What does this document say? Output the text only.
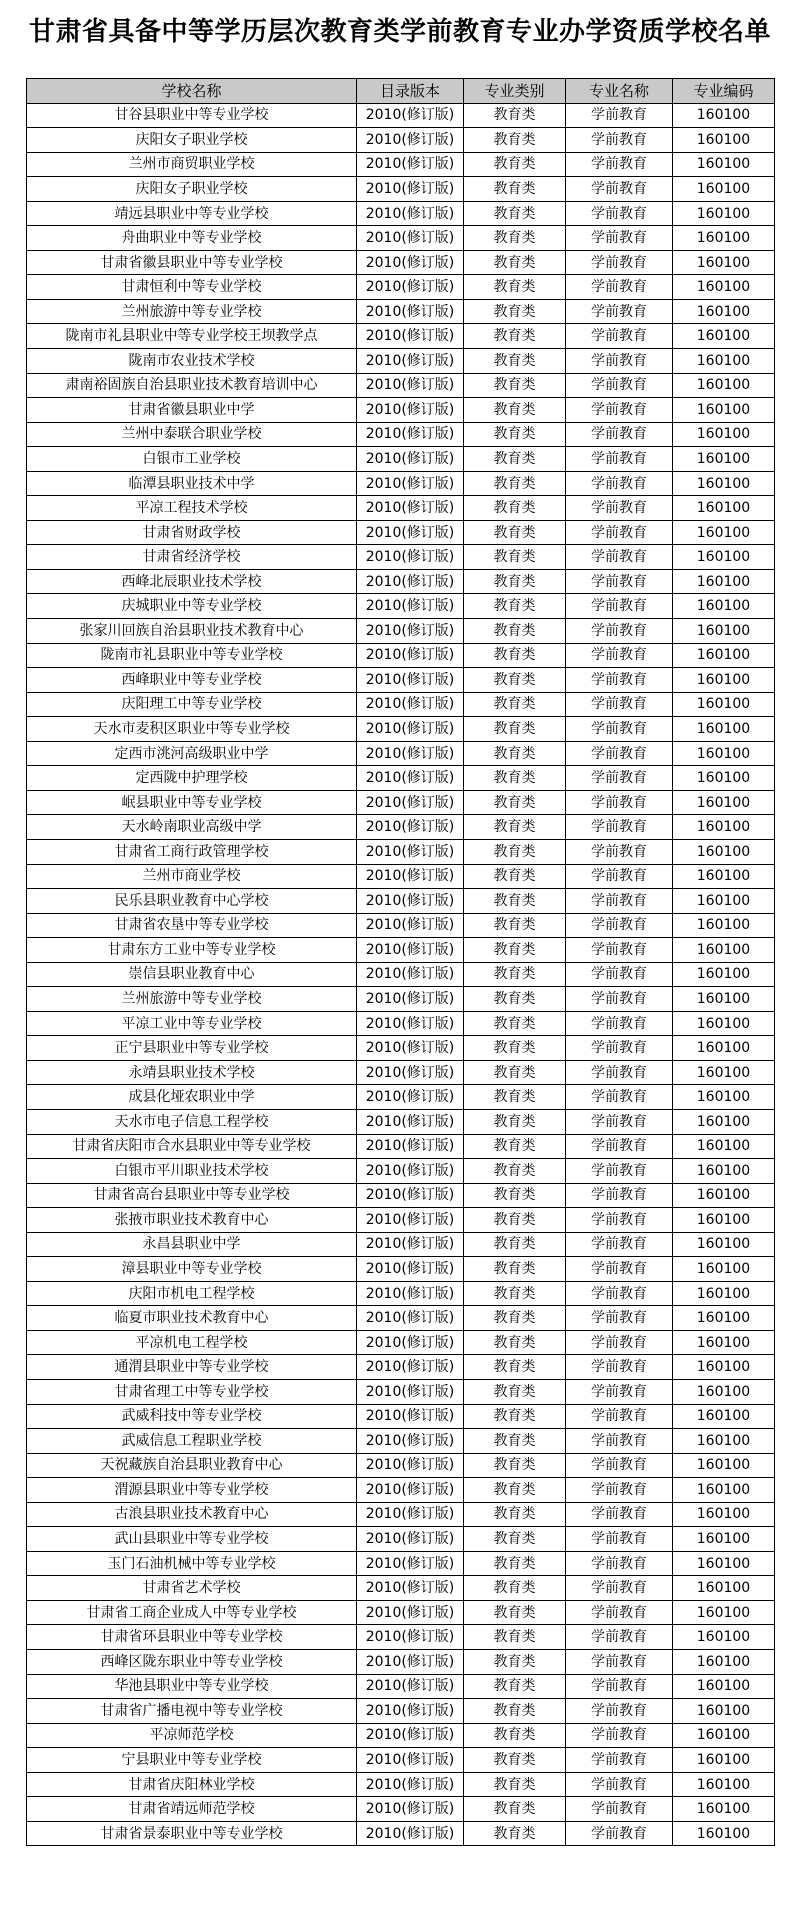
甘肃省具备中等学历层次教育类学前教育专业办学资质学校名单
学校名称	目录版本	专业类别	专业名称	专业编码
甘谷县职业中等专业学校	2010(修订版)	教育类	学前教育	160100
庆阳女子职业学校	2010(修订版)	教育类	学前教育	160100
兰州市商贸职业学校	2010(修订版)	教育类	学前教育	160100
庆阳女子职业学校	2010(修订版)	教育类	学前教育	160100
靖远县职业中等专业学校	2010(修订版)	教育类	学前教育	160100
舟曲职业中等专业学校	2010(修订版)	教育类	学前教育	160100
甘肃省徽县职业中等专业学校	2010(修订版)	教育类	学前教育	160100
甘肃恒利中等专业学校	2010(修订版)	教育类	学前教育	160100
兰州旅游中等专业学校	2010(修订版)	教育类	学前教育	160100
陇南市礼县职业中等专业学校王坝教学点	2010(修订版)	教育类	学前教育	160100
陇南市农业技术学校	2010(修订版)	教育类	学前教育	160100
肃南裕固族自治县职业技术教育培训中心	2010(修订版)	教育类	学前教育	160100
甘肃省徽县职业中学	2010(修订版)	教育类	学前教育	160100
兰州中泰联合职业学校	2010(修订版)	教育类	学前教育	160100
白银市工业学校	2010(修订版)	教育类	学前教育	160100
临潭县职业技术中学	2010(修订版)	教育类	学前教育	160100
平凉工程技术学校	2010(修订版)	教育类	学前教育	160100
甘肃省财政学校	2010(修订版)	教育类	学前教育	160100
甘肃省经济学校	2010(修订版)	教育类	学前教育	160100
西峰北辰职业技术学校	2010(修订版)	教育类	学前教育	160100
庆城职业中等专业学校	2010(修订版)	教育类	学前教育	160100
张家川回族自治县职业技术教育中心	2010(修订版)	教育类	学前教育	160100
陇南市礼县职业中等专业学校	2010(修订版)	教育类	学前教育	160100
西峰职业中等专业学校	2010(修订版)	教育类	学前教育	160100
庆阳理工中等专业学校	2010(修订版)	教育类	学前教育	160100
天水市麦积区职业中等专业学校	2010(修订版)	教育类	学前教育	160100
定西市洮河高级职业中学	2010(修订版)	教育类	学前教育	160100
定西陇中护理学校	2010(修订版)	教育类	学前教育	160100
岷县职业中等专业学校	2010(修订版)	教育类	学前教育	160100
天水岭南职业高级中学	2010(修订版)	教育类	学前教育	160100
甘肃省工商行政管理学校	2010(修订版)	教育类	学前教育	160100
兰州市商业学校	2010(修订版)	教育类	学前教育	160100
民乐县职业教育中心学校	2010(修订版)	教育类	学前教育	160100
甘肃省农垦中等专业学校	2010(修订版)	教育类	学前教育	160100
甘肃东方工业中等专业学校	2010(修订版)	教育类	学前教育	160100
崇信县职业教育中心	2010(修订版)	教育类	学前教育	160100
兰州旅游中等专业学校	2010(修订版)	教育类	学前教育	160100
平凉工业中等专业学校	2010(修订版)	教育类	学前教育	160100
正宁县职业中等专业学校	2010(修订版)	教育类	学前教育	160100
永靖县职业技术学校	2010(修订版)	教育类	学前教育	160100
成县化垭农职业中学	2010(修订版)	教育类	学前教育	160100
天水市电子信息工程学校	2010(修订版)	教育类	学前教育	160100
甘肃省庆阳市合水县职业中等专业学校	2010(修订版)	教育类	学前教育	160100
白银市平川职业技术学校	2010(修订版)	教育类	学前教育	160100
甘肃省高台县职业中等专业学校	2010(修订版)	教育类	学前教育	160100
张掖市职业技术教育中心	2010(修订版)	教育类	学前教育	160100
永昌县职业中学	2010(修订版)	教育类	学前教育	160100
漳县职业中等专业学校	2010(修订版)	教育类	学前教育	160100
庆阳市机电工程学校	2010(修订版)	教育类	学前教育	160100
临夏市职业技术教育中心	2010(修订版)	教育类	学前教育	160100
平凉机电工程学校	2010(修订版)	教育类	学前教育	160100
通渭县职业中等专业学校	2010(修订版)	教育类	学前教育	160100
甘肃省理工中等专业学校	2010(修订版)	教育类	学前教育	160100
武威科技中等专业学校	2010(修订版)	教育类	学前教育	160100
武威信息工程职业学校	2010(修订版)	教育类	学前教育	160100
天祝藏族自治县职业教育中心	2010(修订版)	教育类	学前教育	160100
渭源县职业中等专业学校	2010(修订版)	教育类	学前教育	160100
古浪县职业技术教育中心	2010(修订版)	教育类	学前教育	160100
武山县职业中等专业学校	2010(修订版)	教育类	学前教育	160100
玉门石油机械中等专业学校	2010(修订版)	教育类	学前教育	160100
甘肃省艺术学校	2010(修订版)	教育类	学前教育	160100
甘肃省工商企业成人中等专业学校	2010(修订版)	教育类	学前教育	160100
甘肃省环县职业中等专业学校	2010(修订版)	教育类	学前教育	160100
西峰区陇东职业中等专业学校	2010(修订版)	教育类	学前教育	160100
华池县职业中等专业学校	2010(修订版)	教育类	学前教育	160100
甘肃省广播电视中等专业学校	2010(修订版)	教育类	学前教育	160100
平凉师范学校	2010(修订版)	教育类	学前教育	160100
宁县职业中等专业学校	2010(修订版)	教育类	学前教育	160100
甘肃省庆阳林业学校	2010(修订版)	教育类	学前教育	160100
甘肃省靖远师范学校	2010(修订版)	教育类	学前教育	160100
甘肃省景泰职业中等专业学校	2010(修订版)	教育类	学前教育	160100
